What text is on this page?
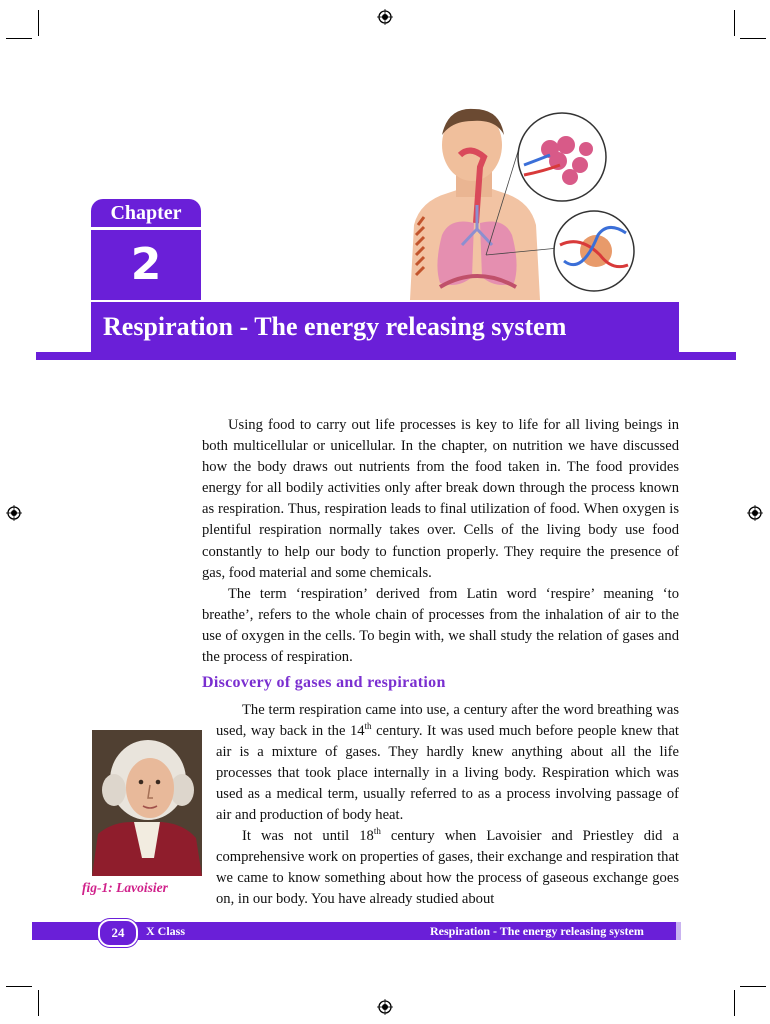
Chapter
2
Respiration - The energy releasing system

Using food to carry out life processes is key to life for all living beings in both multicellular or unicellular. In the chapter, on nutrition we have discussed how the body draws out nutrients from the food taken in. The food provides energy for all bodily activities only after break down through the process known as respiration. Thus, respiration leads to final utilization of food. When oxygen is plentiful respiration normally takes over. Cells of the living body use food constantly to help our body to function properly. They require the presence of gas, food material and some chemicals.

The term ‘respiration’ derived from Latin word ‘respire’ meaning ‘to breathe’, refers to the whole chain of processes from the inhalation of air to the use of oxygen in the cells. To begin with, we shall study the relation of gases and the process of respiration.

Discovery of gases and respiration
fig-1: Lavoisier

The term respiration came into use, a century after the word breathing was used, way back in the 14th century. It was used much before people knew that air is a mixture of gases. They hardly knew anything about all the life processes that took place internally in a living body. Respiration which was used as a medical term, usually referred to as a process involving passage of air and production of body heat.

It was not until 18th century when Lavoisier and Priestley did a comprehensive work on properties of gases, their exchange and respiration that we came to know something about how the process of gaseous exchange goes on, in our body. You have already studied about

24	X Class	Respiration - The energy releasing system
